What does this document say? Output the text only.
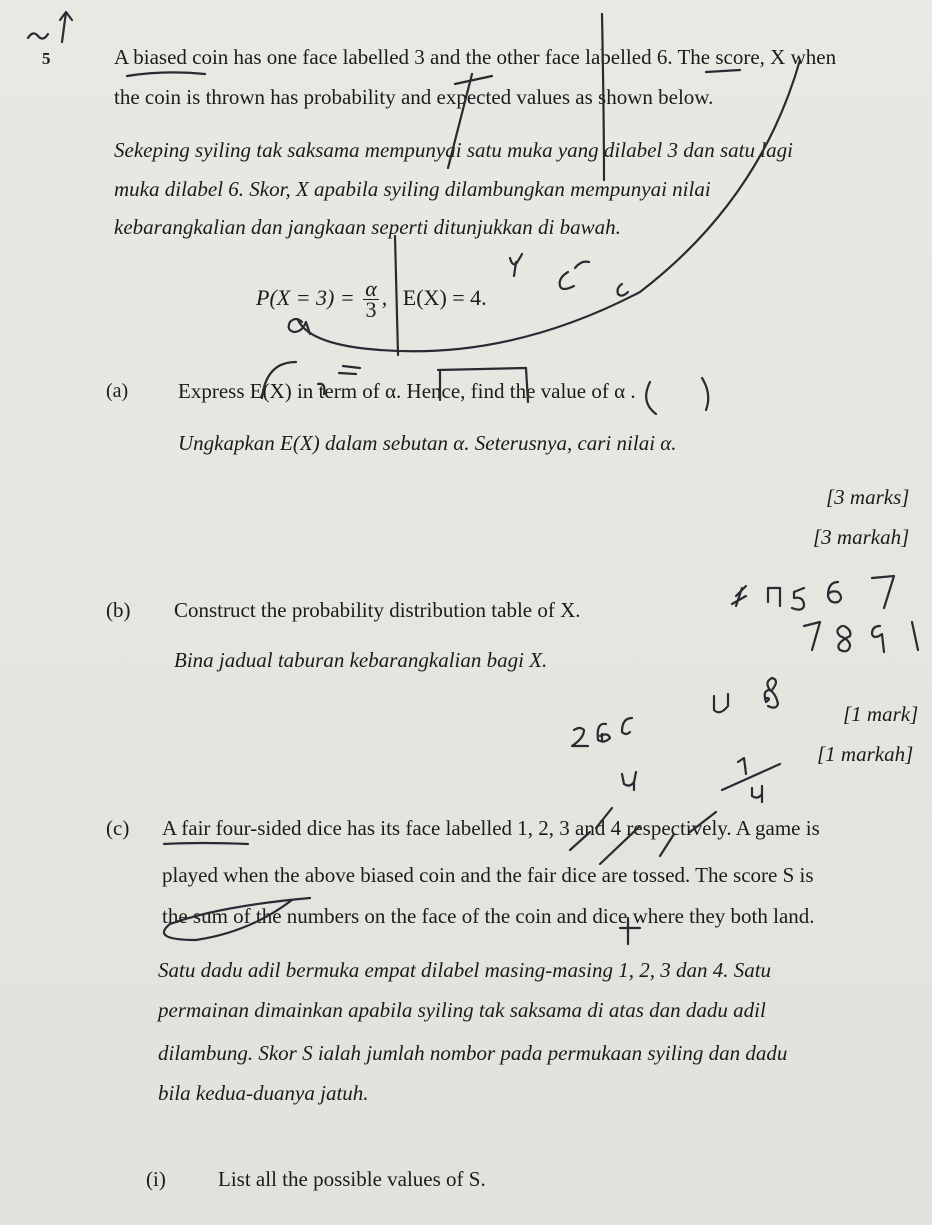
5	A biased coin has one face labelled 3 and the other face labelled 6. The score, X when
the coin is thrown has probability and expected values as shown below.
Sekeping syiling tak saksama mempunyai satu muka yang dilabel 3 dan satu lagi
muka dilabel 6. Skor, X apabila syiling dilambungkan mempunyai nilai
kebarangkalian dan jangkaan seperti ditunjukkan di bawah.
$P(X = 3) = \frac{\alpha}{3}$ , E(X) = 4.
(a) Express E(X) in term of α. Hence, find the value of α .
Ungkapkan E(X) dalam sebutan α. Seterusnya, cari nilai α.
[3 marks]
[3 markah]
(b) Construct the probability distribution table of X.
Bina jadual taburan kebarangkalian bagi X.
[1 mark]
[1 markah]
(c) A fair four-sided dice has its face labelled 1, 2, 3 and 4 respectively. A game is
played when the above biased coin and the fair dice are tossed. The score S is
the sum of the numbers on the face of the coin and dice where they both land.
Satu dadu adil bermuka empat dilabel masing-masing 1, 2, 3 dan 4. Satu
permainan dimainkan apabila syiling tak saksama di atas dan dadu adil
dilambung. Skor S ialah jumlah nombor pada permukaan syiling dan dadu
bila kedua-duanya jatuh.
(i) List all the possible values of S.
